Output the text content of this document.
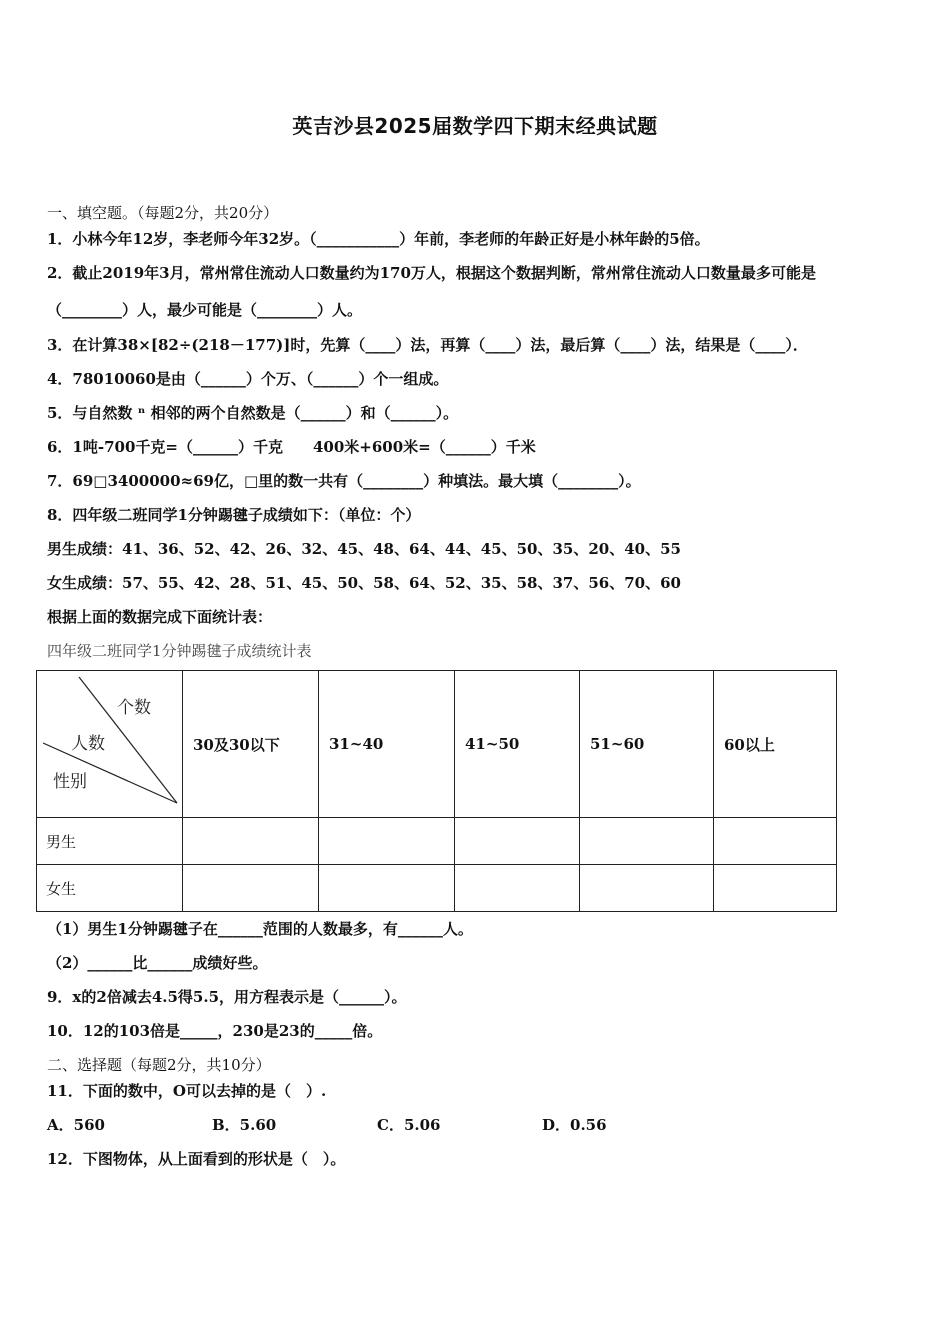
英吉沙县2025届数学四下期末经典试题
一、填空题。（每题2分，共20分）
1．小林今年12岁，李老师今年32岁。（___________）年前，李老师的年龄正好是小林年龄的5倍。
2．截止2019年3月，常州常住流动人口数量约为170万人，根据这个数据判断，常州常住流动人口数量最多可能是
（________）人，最少可能是（________）人。
3．在计算38×[82÷(218－177)]时，先算（____）法，再算（____）法，最后算（____）法，结果是（____）．
4．78010060是由（______）个万、（______）个一组成。
5．与自然数 ⁿ 相邻的两个自然数是（______）和（______）。
6．1吨-700千克=（______）千克　　400米+600米=（______）千米
7．69□3400000≈69亿，□里的数一共有（________）种填法。最大填（________）。
8．四年级二班同学1分钟踢毽子成绩如下：（单位：个）
男生成绩：41、36、52、42、26、32、45、48、64、44、45、50、35、20、40、55
女生成绩：57、55、42、28、51、45、50、58、64、52、35、58、37、56、70、60
根据上面的数据完成下面统计表：
四年级二班同学1分钟踢毽子成绩统计表
个数
人数
性别	30及30以下	31~40	41~50	51~60	60以上
男生					
女生					
（1）男生1分钟踢毽子在______范围的人数最多，有______人。
（2）______比______成绩好些。
9．x的2倍减去4.5得5.5，用方程表示是（______）。
10．12的103倍是_____，230是23的_____倍。
二、选择题（每题2分，共10分）
11．下面的数中，O可以去掉的是（　）.
A．560	B．5.60	C．5.06	D．0.56
12．下图物体，从上面看到的形状是（　）。
